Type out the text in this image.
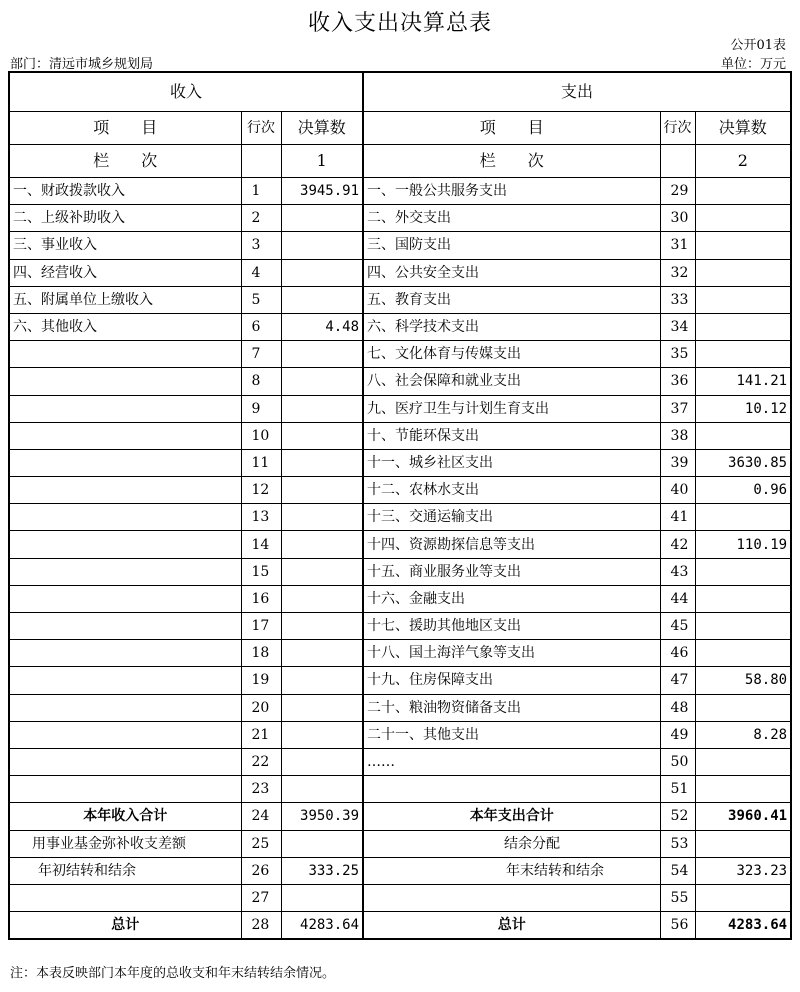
收入支出决算总表
公开01表
部门：清远市城乡规划局	单位：万元
收入			支出		
项　　目	行次	决算数	项　　目	行次	决算数
栏　　次		1	栏　　次		2
一、财政拨款收入	1	3945.91	一、一般公共服务支出	29	
二、上级补助收入	2		二、外交支出	30	
三、事业收入	3		三、国防支出	31	
四、经营收入	4		四、公共安全支出	32	
五、附属单位上缴收入	5		五、教育支出	33	
六、其他收入	6	4.48	六、科学技术支出	34	
	7		七、文化体育与传媒支出	35	
	8		八、社会保障和就业支出	36	141.21
	9		九、医疗卫生与计划生育支出	37	10.12
	10		十、节能环保支出	38	
	11		十一、城乡社区支出	39	3630.85
	12		十二、农林水支出	40	0.96
	13		十三、交通运输支出	41	
	14		十四、资源勘探信息等支出	42	110.19
	15		十五、商业服务业等支出	43	
	16		十六、金融支出	44	
	17		十七、援助其他地区支出	45	
	18		十八、国土海洋气象等支出	46	
	19		十九、住房保障支出	47	58.80
	20		二十、粮油物资储备支出	48	
	21		二十一、其他支出	49	8.28
	22		……	50	
	23			51	
本年收入合计	24	3950.39	本年支出合计	52	3960.41
用事业基金弥补收支差额	25		结余分配	53	
年初结转和结余	26	333.25	年末结转和结余	54	323.23
	27			55	
总计	28	4283.64	总计	56	4283.64
注：本表反映部门本年度的总收支和年末结转结余情况。
